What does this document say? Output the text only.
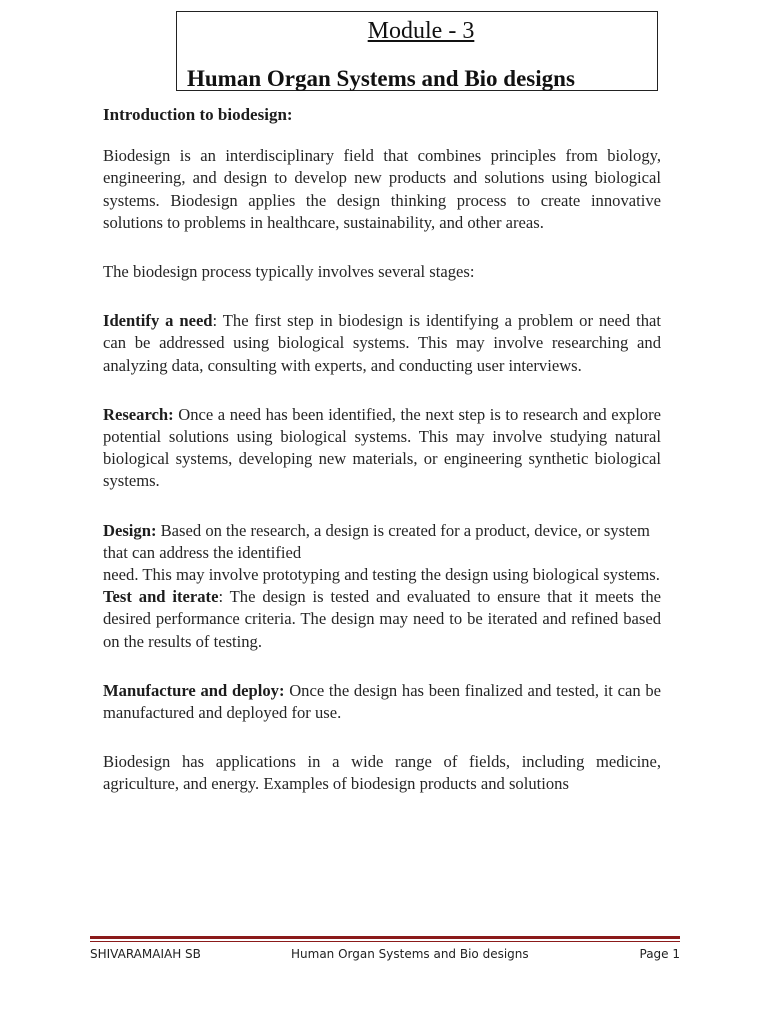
Module - 3
Human Organ Systems and Bio designs

Introduction to biodesign:

Biodesign is an interdisciplinary field that combines principles from biology, engineering, and design to develop new products and solutions using biological systems. Biodesign applies the design thinking process to create innovative solutions to problems in healthcare, sustainability, and other areas.

The biodesign process typically involves several stages:

Identify a need: The first step in biodesign is identifying a problem or need that can be addressed using biological systems. This may involve researching and analyzing data, consulting with experts, and conducting user interviews.

Research: Once a need has been identified, the next step is to research and explore potential solutions using biological systems. This may involve studying natural biological systems, developing new materials, or engineering synthetic biological systems.

Design: Based on the research, a design is created for a product, device, or system that can address the identified

need. This may involve prototyping and testing the design using biological systems.

Test and iterate: The design is tested and evaluated to ensure that it meets the desired performance criteria. The design may need to be iterated and refined based on the results of testing.

Manufacture and deploy: Once the design has been finalized and tested, it can be manufactured and deployed for use.

Biodesign has applications in a wide range of fields, including medicine, agriculture, and energy. Examples of biodesign products and solutions

SHIVARAMAIAH SB	Human Organ Systems and Bio designs	Page 1
